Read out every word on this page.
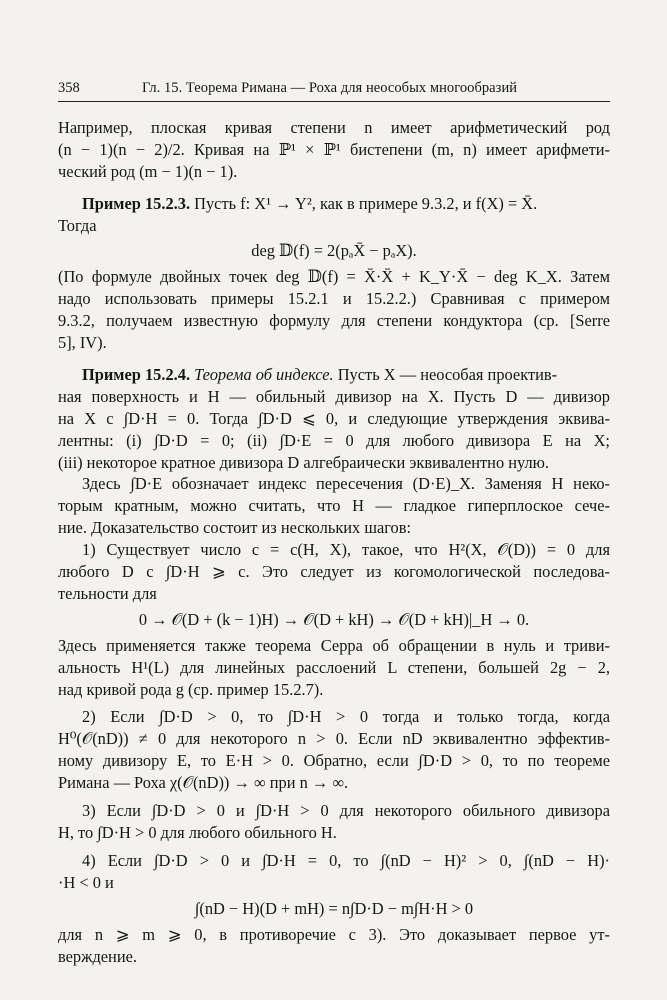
358	Гл. 15. Теорема Римана — Роха для неособых многообразий
Например, плоская кривая степени n имеет арифметический род
(n − 1)(n − 2)/2. Кривая на ℙ¹ × ℙ¹ бистепени (m, n) имеет арифмети-
ческий род (m − 1)(n − 1).
Пример 15.2.3. Пусть f: X¹ → Y², как в примере 9.3.2, и f(X) = X̄.
Тогда
deg 𝔻(f) = 2(pₐX̄ − pₐX).
(По формуле двойных точек deg 𝔻(f) = X̄·X̄ + K_Y·X̄ − deg K_X. Затем
надо использовать примеры 15.2.1 и 15.2.2.) Сравнивая с примером
9.3.2, получаем известную формулу для степени кондуктора (ср. [Serre
5], IV).
Пример 15.2.4. Теорема об индексе. Пусть X — неособая проектив-
ная поверхность и H — обильный дивизор на X. Пусть D — дивизор
на X с ∫D·H = 0. Тогда ∫D·D ⩽ 0, и следующие утверждения эквива-
лентны: (i) ∫D·D = 0; (ii) ∫D·E = 0 для любого дивизора E на X;
(iii) некоторое кратное дивизора D алгебраически эквивалентно нулю.
Здесь ∫D·E обозначает индекс пересечения (D·E)_X. Заменяя H неко-
торым кратным, можно считать, что H — гладкое гиперплоское сече-
ние. Доказательство состоит из нескольких шагов:
1) Существует число c = c(H, X), такое, что H²(X, 𝒪(D)) = 0 для
любого D с ∫D·H ⩾ c. Это следует из когомологической последова-
тельности для
0 → 𝒪(D + (k − 1)H) → 𝒪(D + kH) → 𝒪(D + kH)|_H → 0.
Здесь применяется также теорема Серра об обращении в нуль и триви-
альность H¹(L) для линейных расслоений L степени, большей 2g − 2,
над кривой рода g (ср. пример 15.2.7).
2) Если ∫D·D > 0, то ∫D·H > 0 тогда и только тогда, когда
H⁰(𝒪(nD)) ≠ 0 для некоторого n > 0. Если nD эквивалентно эффектив-
ному дивизору E, то E·H > 0. Обратно, если ∫D·D > 0, то по теореме
Римана — Роха χ(𝒪(nD)) → ∞ при n → ∞.
3) Если ∫D·D > 0 и ∫D·H > 0 для некоторого обильного дивизора
H, то ∫D·H > 0 для любого обильного H.
4) Если ∫D·D > 0 и ∫D·H = 0, то ∫(nD − H)² > 0, ∫(nD − H)·
·H < 0 и
∫(nD − H)(D + mH) = n∫D·D − m∫H·H > 0
для n ⩾ m ⩾ 0, в противоречие с 3). Это доказывает первое ут-
верждение.
